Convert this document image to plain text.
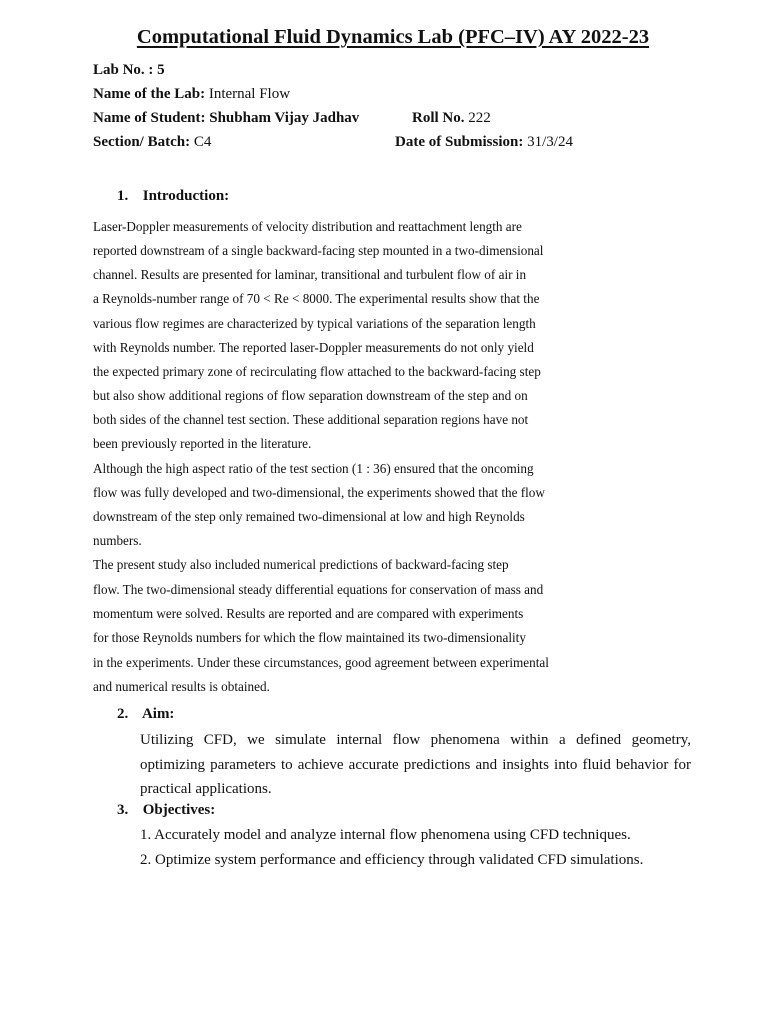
Computational Fluid Dynamics Lab (PFC–IV) AY 2022-23
Lab No. : 5
Name of the Lab: Internal Flow
Name of Student: Shubham Vijay Jadhav	Roll No. 222
Section/ Batch: C4	Date of Submission: 31/3/24
1. Introduction:
Laser-Doppler measurements of velocity distribution and reattachment length are
reported downstream of a single backward-facing step mounted in a two-dimensional
channel. Results are presented for laminar, transitional and turbulent flow of air in
a Reynolds-number range of 70 < Re < 8000. The experimental results show that the
various flow regimes are characterized by typical variations of the separation length
with Reynolds number. The reported laser-Doppler measurements do not only yield
the expected primary zone of recirculating flow attached to the backward-facing step
but also show additional regions of flow separation downstream of the step and on
both sides of the channel test section. These additional separation regions have not
been previously reported in the literature.
Although the high aspect ratio of the test section (1 : 36) ensured that the oncoming
flow was fully developed and two-dimensional, the experiments showed that the flow
downstream of the step only remained two-dimensional at low and high Reynolds
numbers.
The present study also included numerical predictions of backward-facing step
flow. The two-dimensional steady differential equations for conservation of mass and
momentum were solved. Results are reported and are compared with experiments
for those Reynolds numbers for which the flow maintained its two-dimensionality
in the experiments. Under these circumstances, good agreement between experimental
and numerical results is obtained.
2. Aim:
Utilizing CFD, we simulate internal flow phenomena within a defined geometry, optimizing parameters to achieve accurate predictions and insights into fluid behavior for practical applications.
3. Objectives:
1. Accurately model and analyze internal flow phenomena using CFD techniques.
2. Optimize system performance and efficiency through validated CFD simulations.
